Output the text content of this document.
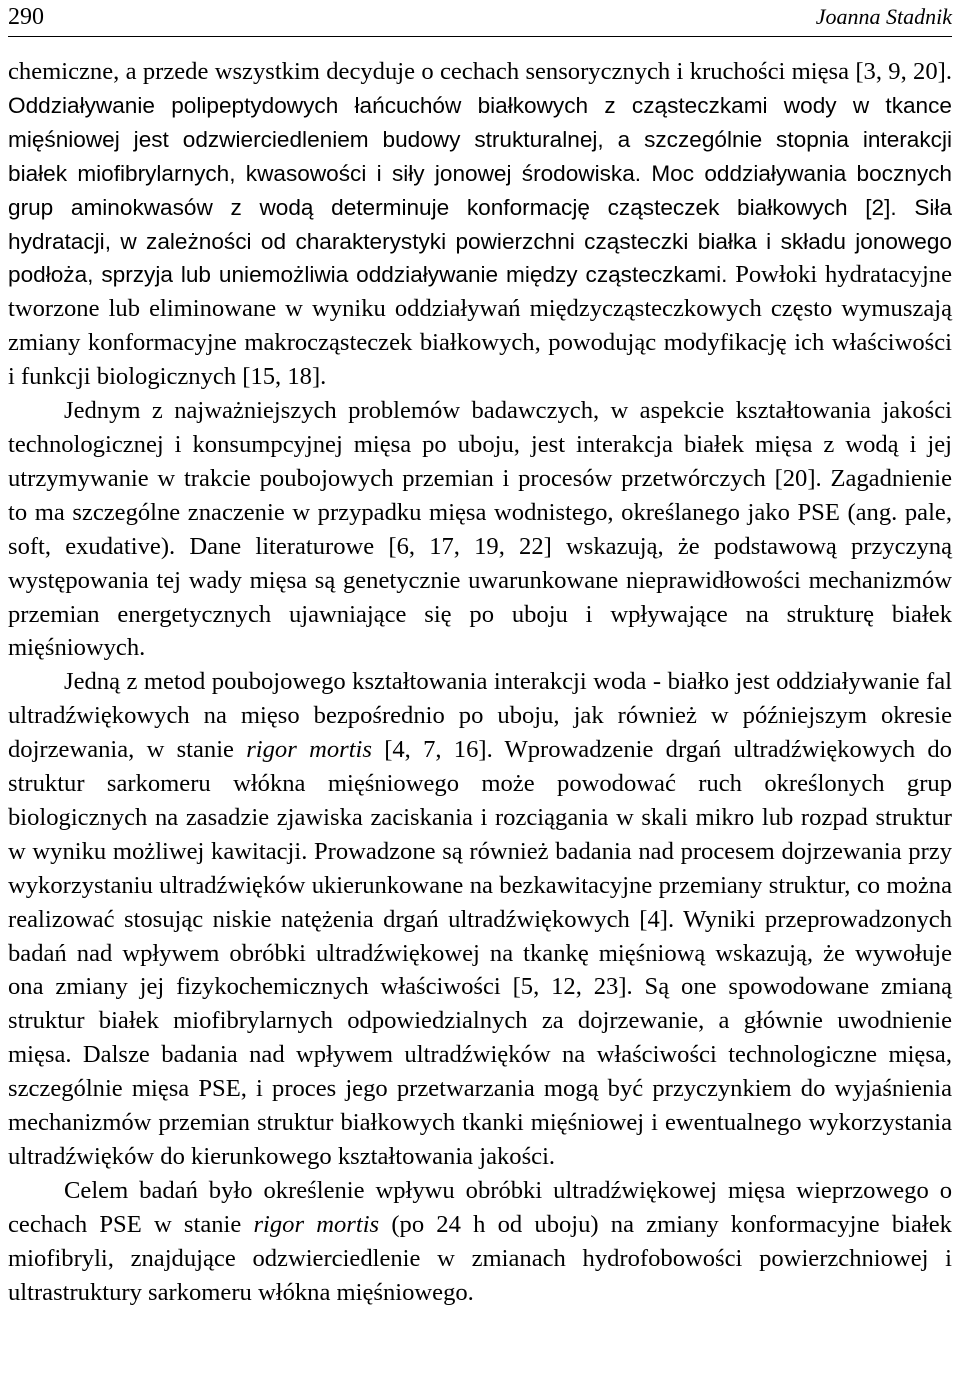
290	Joanna Stadnik

chemiczne, a przede wszystkim decyduje o cechach sensorycznych i kruchości mięsa [3, 9, 20]. Oddziaływanie polipeptydowych łańcuchów białkowych z cząsteczkami wody w tkance mięśniowej jest odzwierciedleniem budowy strukturalnej, a szczególnie stopnia interakcji białek miofibrylarnych, kwasowości i siły jonowej środowiska. Moc oddziaływania bocznych grup aminokwasów z wodą determinuje konformację cząsteczek białkowych [2]. Siła hydratacji, w zależności od charakterystyki powierzchni cząsteczki białka i składu jonowego podłoża, sprzyja lub uniemożliwia oddziaływanie między cząsteczkami. Powłoki hydratacyjne tworzone lub eliminowane w wyniku oddziaływań międzycząsteczkowych często wymuszają zmiany konformacyjne makrocząsteczek białkowych, powodując modyfikację ich właściwości i funkcji biologicznych [15, 18].

Jednym z najważniejszych problemów badawczych, w aspekcie kształtowania jakości technologicznej i konsumpcyjnej mięsa po uboju, jest interakcja białek mięsa z wodą i jej utrzymywanie w trakcie poubojowych przemian i procesów przetwórczych [20]. Zagadnienie to ma szczególne znaczenie w przypadku mięsa wodnistego, określanego jako PSE (ang. pale, soft, exudative). Dane literaturowe [6, 17, 19, 22] wskazują, że podstawową przyczyną występowania tej wady mięsa są genetycznie uwarunkowane nieprawidłowości mechanizmów przemian energetycznych ujawniające się po uboju i wpływające na strukturę białek mięśniowych.

Jedną z metod poubojowego kształtowania interakcji woda - białko jest oddziaływanie fal ultradźwiękowych na mięso bezpośrednio po uboju, jak również w późniejszym okresie dojrzewania, w stanie rigor mortis [4, 7, 16]. Wprowadzenie drgań ultradźwiękowych do struktur sarkomeru włókna mięśniowego może powodować ruch określonych grup biologicznych na zasadzie zjawiska zaciskania i rozciągania w skali mikro lub rozpad struktur w wyniku możliwej kawitacji. Prowadzone są również badania nad procesem dojrzewania przy wykorzystaniu ultradźwięków ukierunkowane na bezkawitacyjne przemiany struktur, co można realizować stosując niskie natężenia drgań ultradźwiękowych [4]. Wyniki przeprowadzonych badań nad wpływem obróbki ultradźwiękowej na tkankę mięśniową wskazują, że wywołuje ona zmiany jej fizykochemicznych właściwości [5, 12, 23]. Są one spowodowane zmianą struktur białek miofibrylarnych odpowiedzialnych za dojrzewanie, a głównie uwodnienie mięsa. Dalsze badania nad wpływem ultradźwięków na właściwości technologiczne mięsa, szczególnie mięsa PSE, i proces jego przetwarzania mogą być przyczynkiem do wyjaśnienia mechanizmów przemian struktur białkowych tkanki mięśniowej i ewentualnego wykorzystania ultradźwięków do kierunkowego kształtowania jakości.

Celem badań było określenie wpływu obróbki ultradźwiękowej mięsa wieprzowego o cechach PSE w stanie rigor mortis (po 24 h od uboju) na zmiany konformacyjne białek miofibryli, znajdujące odzwierciedlenie w zmianach hydrofobowości powierzchniowej i ultrastruktury sarkomeru włókna mięśniowego.
